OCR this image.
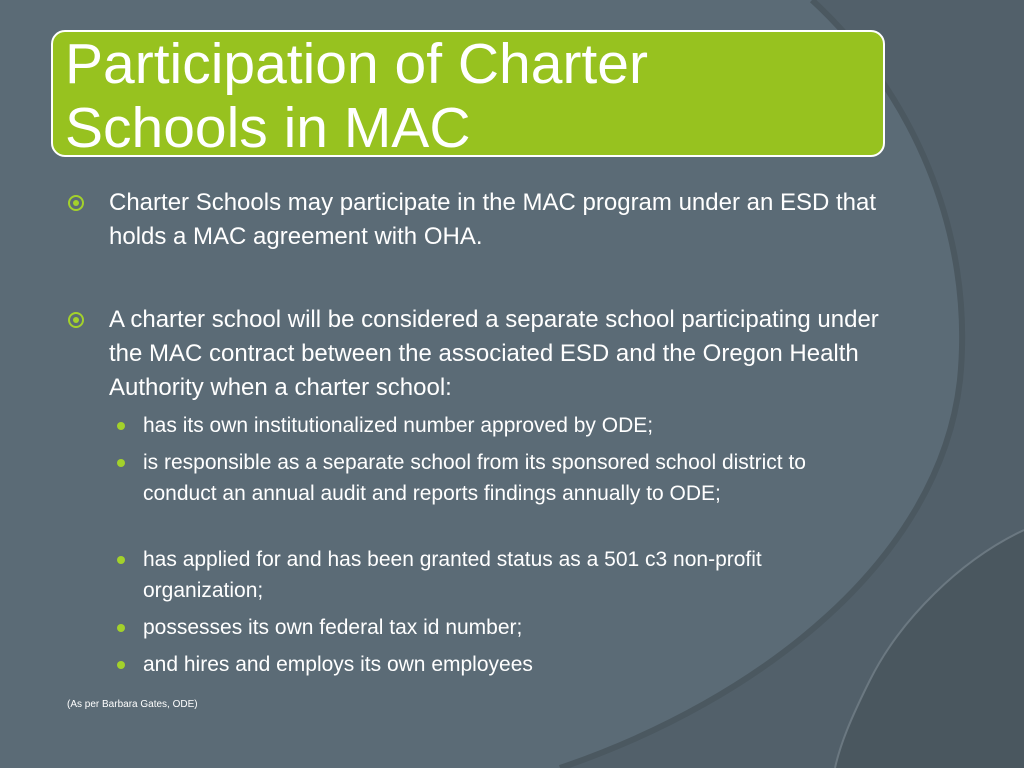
Participation of Charter
Schools in MAC

Charter Schools may participate in the MAC program under an ESD that holds a MAC agreement with OHA.

A charter school will be considered a separate school participating under the MAC contract between the associated ESD and the Oregon Health Authority when a charter school:

has its own institutionalized number approved by ODE;

is responsible as a separate school from its sponsored school district to conduct an annual audit and reports findings annually to ODE;

has applied for and has been granted status as a 501 c3 non-profit organization;

possesses its own federal tax id number;

and hires and employs its own employees

(As per Barbara Gates, ODE)
